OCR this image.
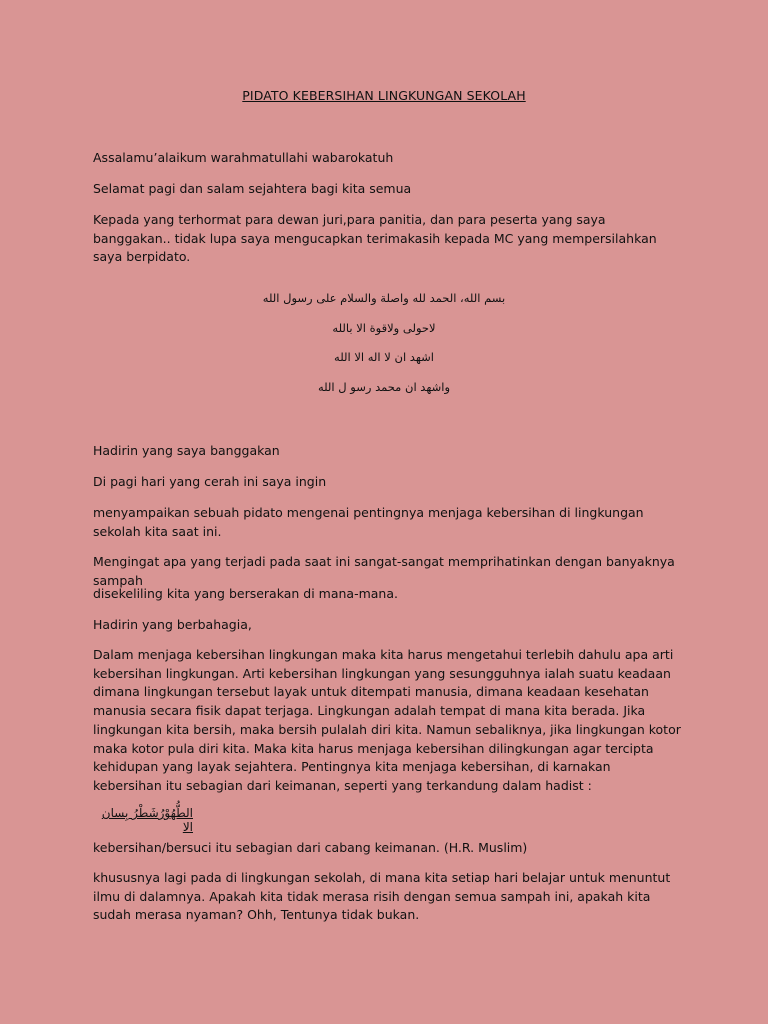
PIDATO KEBERSIHAN LINGKUNGAN SEKOLAH

Assalamu’alaikum warahmatullahi wabarokatuh

Selamat pagi dan salam sejahtera bagi kita semua

Kepada yang terhormat para dewan juri,para panitia, dan para peserta yang saya banggakan.. tidak lupa saya mengucapkan terimakasih kepada MC yang mempersilahkan saya berpidato.

بسم الله، الحمد لله واصلة والسلام على رسول الله
لاحولى ولاقوة الا بالله
اشهد ان لا اله الا الله
واشهد ان محمد رسو ل الله

Hadirin yang saya banggakan

Di pagi hari yang cerah ini saya ingin

menyampaikan sebuah pidato mengenai pentingnya menjaga kebersihan di lingkungan sekolah kita saat ini.

Mengingat apa yang terjadi pada saat ini sangat-sangat memprihatinkan dengan banyaknya sampah

disekeliling kita yang berserakan di mana-mana.

Hadirin yang berbahagia,

Dalam menjaga kebersihan lingkungan maka kita harus mengetahui terlebih dahulu apa arti kebersihan lingkungan. Arti kebersihan lingkungan yang sesungguhnya ialah suatu keadaan dimana lingkungan tersebut layak untuk ditempati manusia, dimana keadaan kesehatan manusia secara fisik dapat terjaga. Lingkungan adalah tempat di mana kita berada. Jika lingkungan kita bersih, maka bersih pulalah diri kita. Namun sebaliknya, jika lingkungan kotor maka kotor pula diri kita. Maka kita harus menjaga kebersihan dilingkungan agar tercipta kehidupan yang layak sejahtera. Pentingnya kita menjaga kebersihan, di karnakan kebersihan itu sebagian dari keimanan, seperti yang terkandung dalam hadist :

الطُّهُوْرُشَطْرُ بِسان الا

kebersihan/bersuci itu sebagian dari cabang keimanan. (H.R. Muslim)

khususnya lagi pada di lingkungan sekolah, di mana kita setiap hari belajar untuk menuntut ilmu di dalamnya. Apakah kita tidak merasa risih dengan semua sampah ini, apakah kita sudah merasa nyaman? Ohh, Tentunya tidak bukan.
